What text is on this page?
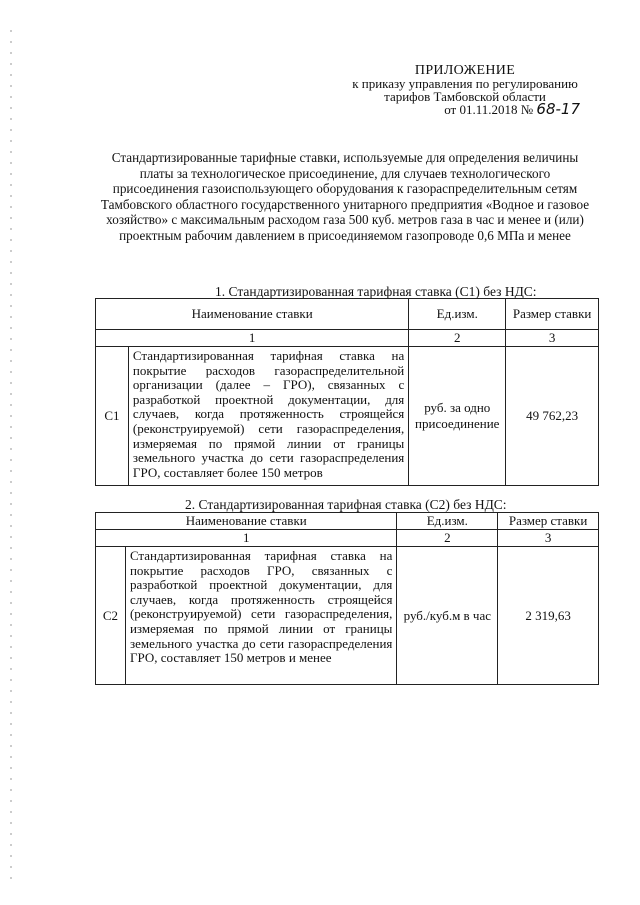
ПРИЛОЖЕНИЕ
к приказу управления по регулированию
тарифов Тамбовской области
от 01.11.2018 № 68-17
Стандартизированные тарифные ставки, используемые для определения величины платы за технологическое присоединение, для случаев технологического присоединения газоиспользующего оборудования к газораспределительным сетям Тамбовского областного государственного унитарного предприятия «Водное и газовое хозяйство» с максимальным расходом газа 500 куб. метров газа в час и менее и (или) проектным рабочим давлением в присоединяемом газопроводе 0,6 МПа и менее
1. Стандартизированная тарифная ставка (С1) без НДС:
Наименование ставки		Ед.изм.	Размер ставки
1		2	3
С1	Стандартизированная тарифная ставка на покрытие расходов газораспределительной организации (далее – ГРО), связанных с разработкой проектной документации, для случаев, когда протяженность строящейся (реконструируемой) сети газораспределения, измеряемая по прямой линии от границы земельного участка до сети газораспределения ГРО, составляет более 150 метров	руб. за одно присоединение	49 762,23
2. Стандартизированная тарифная ставка (С2) без НДС:
Наименование ставки		Ед.изм.	Размер ставки
1		2	3
С2	Стандартизированная тарифная ставка на покрытие расходов ГРО, связанных с разработкой проектной документации, для случаев, когда протяженность строящейся (реконструируемой) сети газораспределения, измеряемая по прямой линии от границы земельного участка до сети газораспределения ГРО, составляет 150 метров и менее	руб./куб.м в час	2 319,63
